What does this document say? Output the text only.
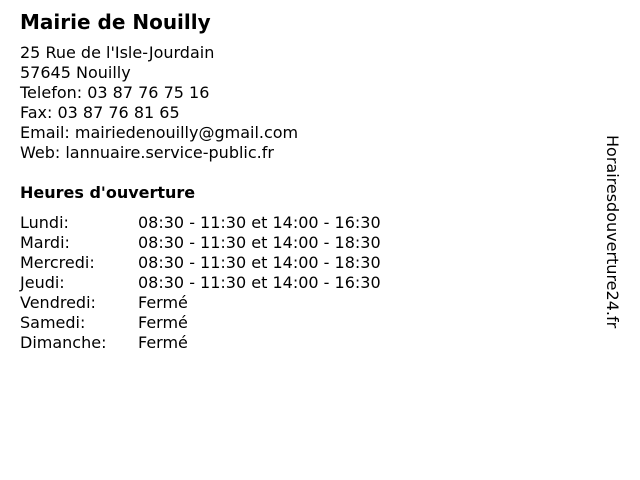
Mairie de Nouilly
25 Rue de l'Isle-Jourdain
57645 Nouilly
Telefon: 03 87 76 75 16
Fax: 03 87 76 81 65
Email: mairiedenouilly@gmail.com
Web: lannuaire.service-public.fr
Heures d'ouverture
Lundi:	08:30 - 11:30 et 14:00 - 16:30
Mardi:	08:30 - 11:30 et 14:00 - 18:30
Mercredi:	08:30 - 11:30 et 14:00 - 18:30
Jeudi:	08:30 - 11:30 et 14:00 - 16:30
Vendredi:	Fermé
Samedi:	Fermé
Dimanche: Fermé
Horairesdouverture24.fr
